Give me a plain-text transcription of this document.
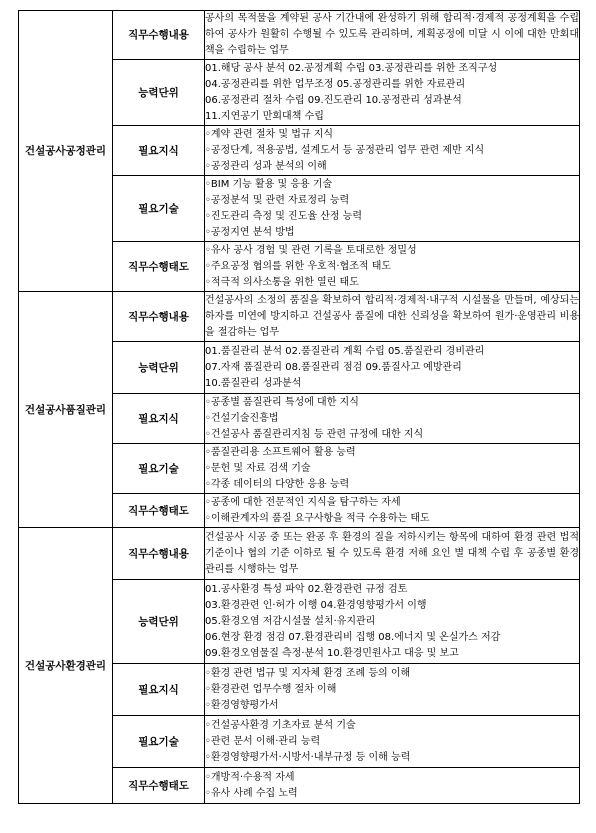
건설공사공정관리	직무수행내용	공사의 목적물을 계약된 공사 기간내에 완성하기 위해 합리적·경제적 공정계획을 수립하여 공사가 원활히 수행될 수 있도록 관리하며, 계획공정에 미달 시 이에 대한 만회대책을 수립하는 업무

	능력단위	01.해당 공사 분석 02.공정계획 수립 03.공정관리를 위한 조직구성
04.공정관리를 위한 업무조정 05.공정관리를 위한 자료관리
06.공정관리 절차 수립 09.진도관리 10.공정관리 성과분석
11.지연공기 만회대책 수립

	필요지식	◦계약 관련 절차 및 법규 지식
◦공정단계, 적용공법, 설계도서 등 공정관리 업무 관련 제반 지식
◦공정관리 성과 분석의 이해

	필요기술	◦BIM 기능 활용 및 응용 기술
◦공정분석 및 관련 자료정리 능력
◦진도관리 측정 및 진도율 산정 능력
◦공정지연 분석 방법

	직무수행태도	◦유사 공사 경험 및 관련 기록을 토대로한 정밀성
◦주요공정 협의를 위한 우호적·협조적 태도
◦적극적 의사소통을 위한 열린 태도

건설공사품질관리	직무수행내용	건설공사의 소정의 품질을 확보하여 합리적·경제적·내구적 시설물을 만들며, 예상되는 하자를 미연에 방지하고 건설공사 품질에 대한 신뢰성을 확보하여 원가·운영관리 비용을 절감하는 업무

	능력단위	01.품질관리 분석 02.품질관리 계획 수립 05.품질관리 경비관리
07.자재 품질관리 08.품질관리 점검 09.품질사고 예방관리
10.품질관리 성과분석

	필요지식	◦공종별 품질관리 특성에 대한 지식
◦건설기술진흥법
◦건설공사 품질관리지침 등 관련 규정에 대한 지식

	필요기술	◦품질관리용 소프트웨어 활용 능력
◦문헌 및 자료 검색 기술
◦각종 데이터의 다양한 응용 능력

	직무수행태도	◦공종에 대한 전문적인 지식을 탐구하는 자세
◦이해관계자의 품질 요구사항을 적극 수용하는 태도

건설공사환경관리	직무수행내용	건설공사 시공 중 또는 완공 후 환경의 질을 저하시키는 항목에 대하여 환경 관련 법적 기준이나 협의 기준 이하로 될 수 있도록 환경 저해 요인 별 대책 수립 후 공종별 환경관리를 시행하는 업무

	능력단위	01.공사환경 특성 파악 02.환경관련 규정 검토
03.환경관련 인·허가 이행 04.환경영향평가서 이행
05.환경오염 저감시설물 설치·유지관리
06.현장 환경 점검 07.환경관리비 집행 08.에너지 및 온실가스 저감
09.환경오염물질 측정·분석 10.환경민원사고 대응 및 보고

	필요지식	◦환경 관련 법규 및 지자체 환경 조례 등의 이해
◦환경관련 업무수행 절차 이해
◦환경영향평가서

	필요기술	◦건설공사환경 기초자료 분석 기술
◦관련 문서 이해·관리 능력
◦환경영향평가서·시방서·내부규정 등 이해 능력

	직무수행태도	◦개방적·수용적 자세
◦유사 사례 수집 노력
